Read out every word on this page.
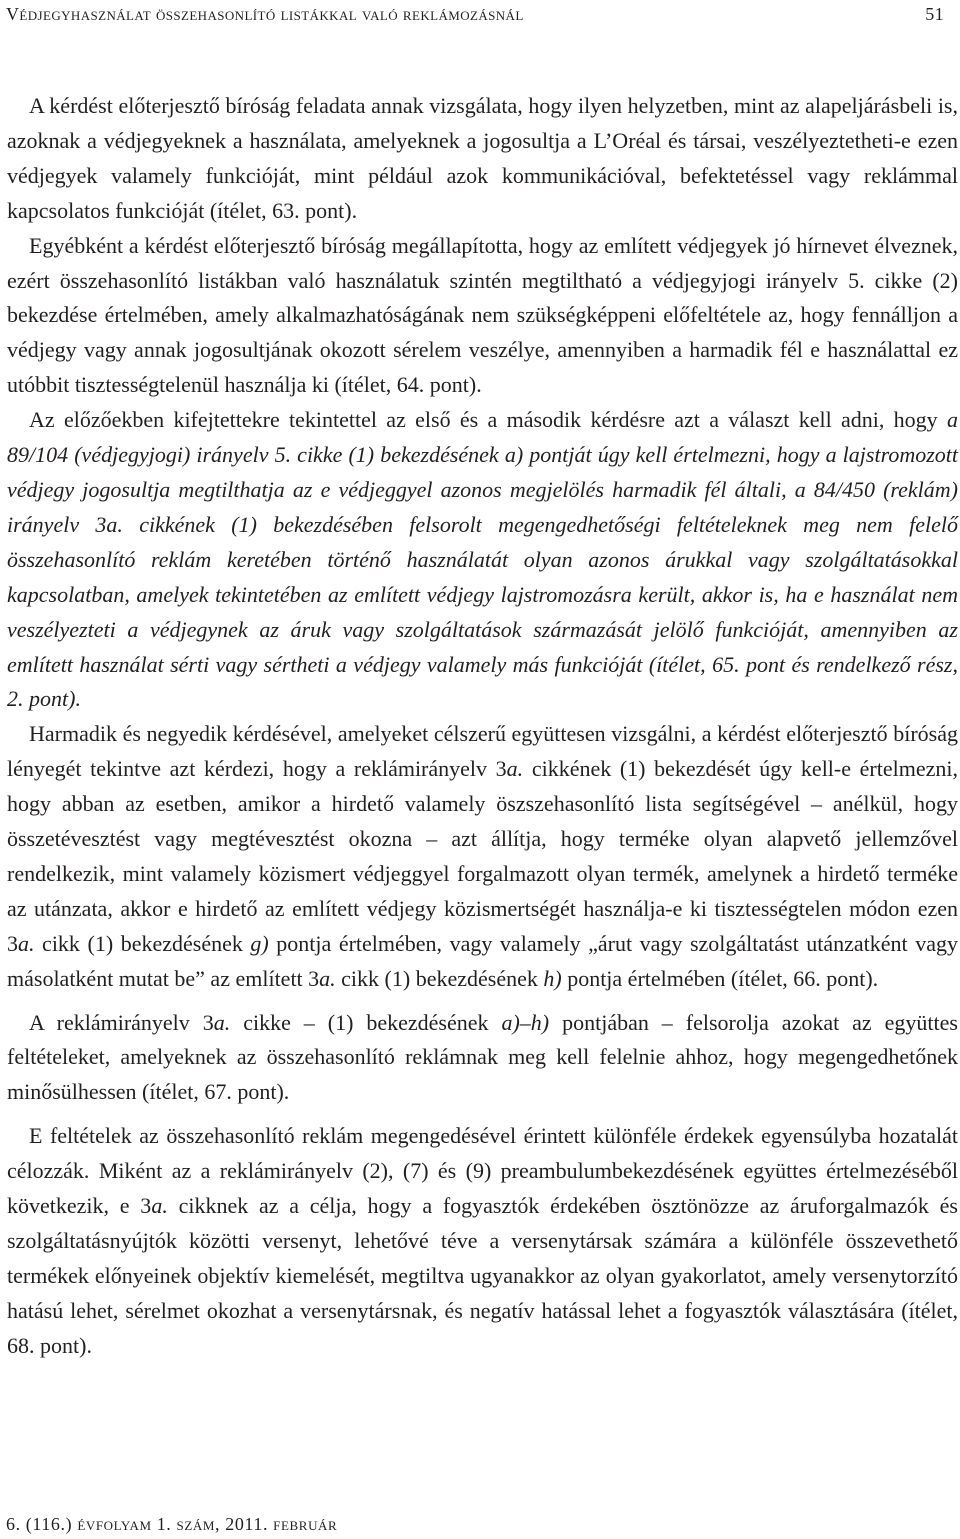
Védjegyhasználat összehasonlító listákkal való reklámozásnál	51

A kérdést előterjesztő bíróság feladata annak vizsgálata, hogy ilyen helyzetben, mint az alapeljárásbeli is, azoknak a védjegyeknek a használata, amelyeknek a jogosultja a L’Oréal és társai, veszélyeztetheti-e ezen védjegyek valamely funkcióját, mint például azok kommunikációval, befektetéssel vagy reklámmal kapcsolatos funkcióját (ítélet, 63. pont).

Egyébként a kérdést előterjesztő bíróság megállapította, hogy az említett védjegyek jó hírnevet élveznek, ezért összehasonlító listákban való használatuk szintén megtiltható a védjegyjogi irányelv 5. cikke (2) bekezdése értelmében, amely alkalmazhatóságának nem szükségképpeni előfeltétele az, hogy fennálljon a védjegy vagy annak jogosultjának okozott sérelem veszélye, amennyiben a harmadik fél e használattal ez utóbbit tisztességtelenül használja ki (ítélet, 64. pont).

Az előzőekben kifejtettekre tekintettel az első és a második kérdésre azt a választ kell adni, hogy a 89/104 (védjegyjogi) irányelv 5. cikke (1) bekezdésének a) pontját úgy kell értelmezni, hogy a lajstromozott védjegy jogosultja megtilthatja az e védjeggyel azonos megjelölés harmadik fél általi, a 84/450 (reklám) irányelv 3a. cikkének (1) bekezdésében felsorolt megengedhetőségi feltételeknek meg nem felelő összehasonlító reklám keretében történő használatát olyan azonos árukkal vagy szolgáltatásokkal kapcsolatban, amelyek tekintetében az említett védjegy lajstromozásra került, akkor is, ha e használat nem veszélyezteti a védjegynek az áruk vagy szolgáltatások származását jelölő funkcióját, amennyiben az említett használat sérti vagy sértheti a védjegy valamely más funkcióját (ítélet, 65. pont és rendelkező rész, 2. pont).

Harmadik és negyedik kérdésével, amelyeket célszerű együttesen vizsgálni, a kérdést előterjesztő bíróság lényegét tekintve azt kérdezi, hogy a reklámirányelv 3a. cikkének (1) bekezdését úgy kell-e értelmezni, hogy abban az esetben, amikor a hirdető valamely öszszehasonlító lista segítségével – anélkül, hogy összetévesztést vagy megtévesztést okozna – azt állítja, hogy terméke olyan alapvető jellemzővel rendelkezik, mint valamely közismert védjeggyel forgalmazott olyan termék, amelynek a hirdető terméke az utánzata, akkor e hirdető az említett védjegy közismertségét használja-e ki tisztességtelen módon ezen 3a. cikk (1) bekezdésének g) pontja értelmében, vagy valamely „árut vagy szolgáltatást utánzatként vagy másolatként mutat be” az említett 3a. cikk (1) bekezdésének h) pontja értelmében (ítélet, 66. pont).

A reklámirányelv 3a. cikke – (1) bekezdésének a)–h) pontjában – felsorolja azokat az együttes feltételeket, amelyeknek az összehasonlító reklámnak meg kell felelnie ahhoz, hogy megengedhetőnek minősülhessen (ítélet, 67. pont).

E feltételek az összehasonlító reklám megengedésével érintett különféle érdekek egyensúlyba hozatalát célozzák. Miként az a reklámirányelv (2), (7) és (9) preambulumbekezdésének együttes értelmezéséből következik, e 3a. cikknek az a célja, hogy a fogyasztók érdekében ösztönözze az áruforgalmazók és szolgáltatásnyújtók közötti versenyt, lehetővé téve a versenytársak számára a különféle összevethető termékek előnyeinek objektív kiemelését, megtiltva ugyanakkor az olyan gyakorlatot, amely versenytorzító hatású lehet, sérelmet okozhat a versenytársnak, és negatív hatással lehet a fogyasztók választására (ítélet, 68. pont).

6. (116.) évfolyam 1. szám, 2011. február
